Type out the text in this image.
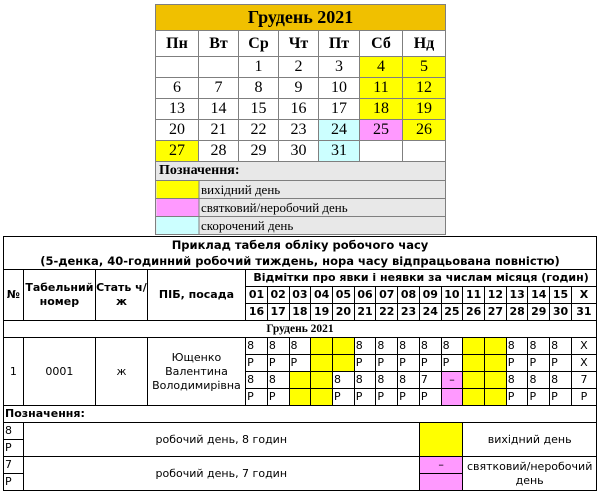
Грудень 2021						
Пн	Вт	Ср	Чт	Пт	Сб	Нд
		1	2	3	4	5
6	7	8	9	10	11	12
13	14	15	16	17	18	19
20	21	22	23	24	25	26
27	28	29	30	31		
Позначення:						
вихідний день						
святковий/неробочий день						
скорочений день						
Приклад табеля обліку робочого часу																			
(5-денка, 40-годинний робочий тиждень, нора часу відпрацьована повністю)																			
№	Табельний номер	Стать ч/ж	ПІБ, посада	Відмітки про явки і неявки за числам місяця (годин)															
				01	02	03	04	05	06	07	08	09	10	11	12	13	14	15	X
				16	17	18	19	20	21	22	23	24	25	26	27	28	29	30	31
Грудень 2021																			
1	0001	ж	Ющенко
Валентина
Володимирівна	8	8	8			8	8	8	8	8			8	8	8	X
				Р	Р	Р			Р	Р	Р	Р	Р			Р	Р	Р	Х
				8	8			8	8	8	8	7	–			8	8	8	7
				Р	Р			Р	Р	Р	Р	Р				Р	Р	Р	Р
Позначення:																			
8	робочий день, 8 годин													вихідний день					
Р																			
7	робочий день, 7 годин											–		святковий/неробочий день					
Р																			
